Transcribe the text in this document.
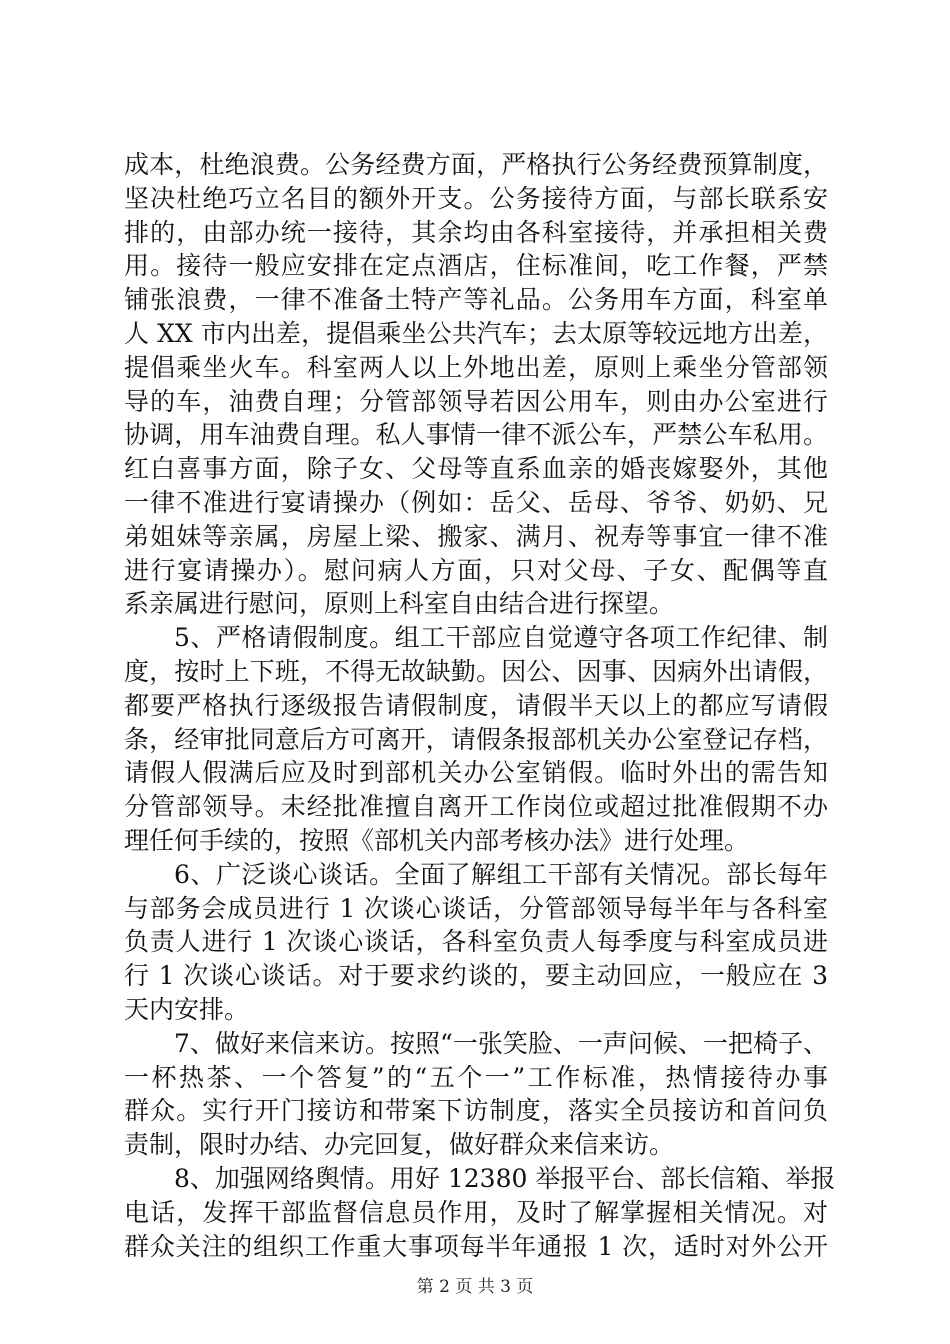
成本，杜绝浪费。公务经费方面，严格执行公务经费预算制度，
坚决杜绝巧立名目的额外开支。公务接待方面，与部长联系安
排的，由部办统一接待，其余均由各科室接待，并承担相关费
用。接待一般应安排在定点酒店，住标准间，吃工作餐，严禁
铺张浪费，一律不准备土特产等礼品。公务用车方面，科室单
人 XX 市内出差，提倡乘坐公共汽车；去太原等较远地方出差，
提倡乘坐火车。科室两人以上外地出差，原则上乘坐分管部领
导的车，油费自理；分管部领导若因公用车，则由办公室进行
协调，用车油费自理。私人事情一律不派公车，严禁公车私用。
红白喜事方面，除子女、父母等直系血亲的婚丧嫁娶外，其他
一律不准进行宴请操办（例如：岳父、岳母、爷爷、奶奶、兄
弟姐妹等亲属，房屋上梁、搬家、满月、祝寿等事宜一律不准
进行宴请操办）。慰问病人方面，只对父母、子女、配偶等直
系亲属进行慰问，原则上科室自由结合进行探望。
5、严格请假制度。组工干部应自觉遵守各项工作纪律、制
度，按时上下班，不得无故缺勤。因公、因事、因病外出请假，
都要严格执行逐级报告请假制度，请假半天以上的都应写请假
条，经审批同意后方可离开，请假条报部机关办公室登记存档，
请假人假满后应及时到部机关办公室销假。临时外出的需告知
分管部领导。未经批准擅自离开工作岗位或超过批准假期不办
理任何手续的，按照《部机关内部考核办法》进行处理。
6、广泛谈心谈话。全面了解组工干部有关情况。部长每年
与部务会成员进行 1 次谈心谈话，分管部领导每半年与各科室
负责人进行 1 次谈心谈话，各科室负责人每季度与科室成员进
行 1 次谈心谈话。对于要求约谈的，要主动回应，一般应在 3
天内安排。
7、做好来信来访。按照“一张笑脸、一声问候、一把椅子、
一杯热茶、一个答复”的“五个一”工作标准，热情接待办事
群众。实行开门接访和带案下访制度，落实全员接访和首问负
责制，限时办结、办完回复，做好群众来信来访。
8、加强网络舆情。用好 12380 举报平台、部长信箱、举报
电话，发挥干部监督信息员作用，及时了解掌握相关情况。对
群众关注的组织工作重大事项每半年通报 1 次，适时对外公开
第 2 页 共 3 页
